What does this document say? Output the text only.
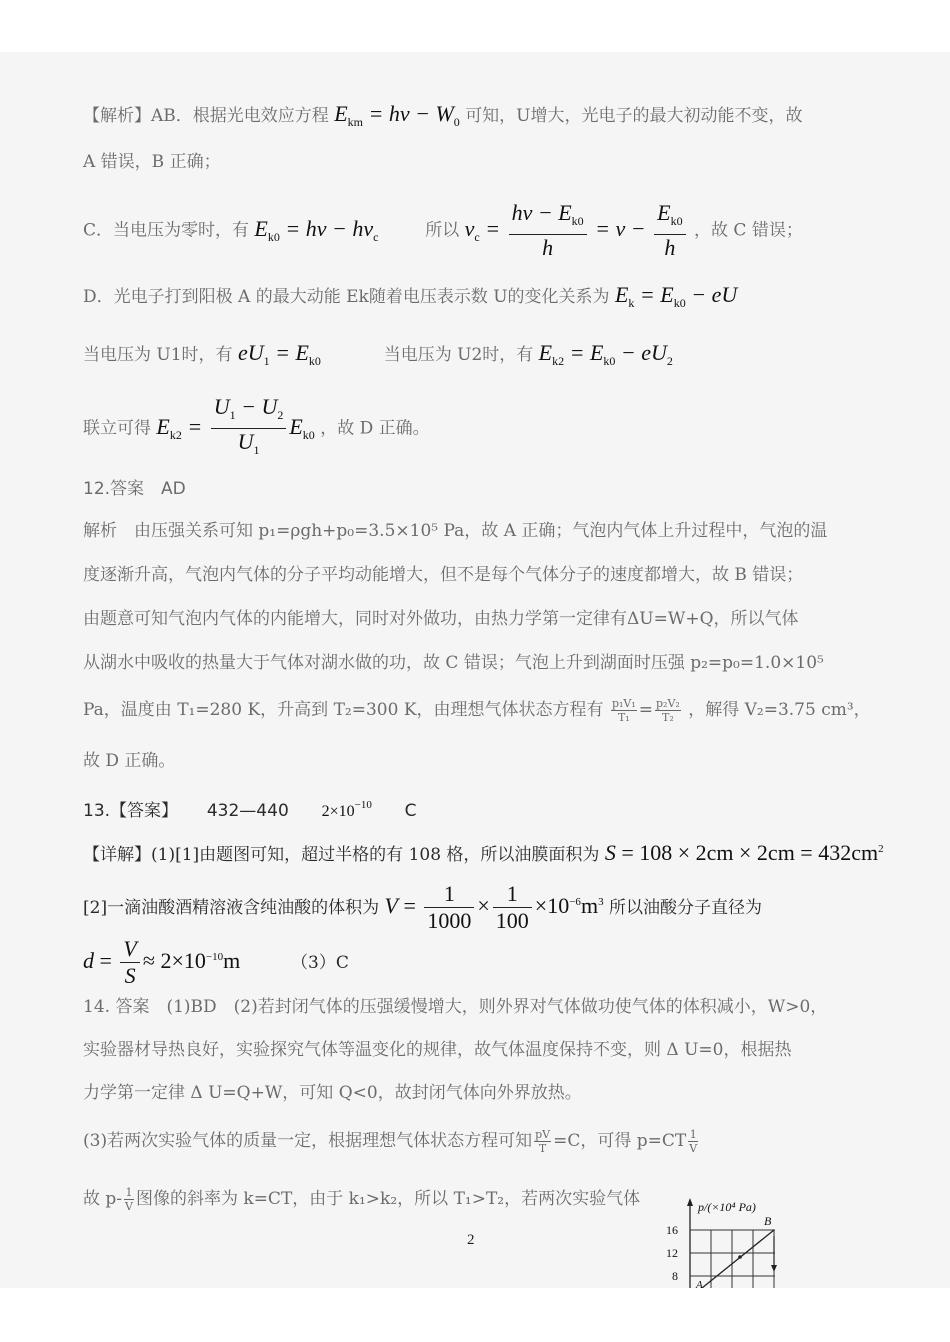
【解析】AB．根据光电效应方程 $E_{km} = h\nu - W_0$ 可知，U增大，光电子的最大初动能不变，故
A 错误，B 正确；
C．当电压为零时，有 $E_{k0} = h\nu - h\nu_c$	所以 $\nu_c = \frac{h\nu - E_{k0}}{h} = \nu - \frac{E_{k0}}{h}$ ，故 C 错误；
D．光电子打到阳极 A 的最大动能 Ek随着电压表示数 U的变化关系为 $E_k = E_{k0}$ − eU
当电压为 U1时，有 $eU_1 = E_{k0}$	当电压为 U2时，有 $E_{k2} = E_{k0} - eU_2$
联立可得 $E_{k2} = \frac{U_1 - U_2}{U_1} E_{k0}$ ，故 D 正确。
12.答案　AD
解析　由压强关系可知 p₁=ρgh+p₀=3.5×10⁵ Pa，故 A 正确；气泡内气体上升过程中，气泡的温
度逐渐升高，气泡内气体的分子平均动能增大，但不是每个气体分子的速度都增大，故 B 错误；
由题意可知气泡内气体的内能增大，同时对外做功，由热力学第一定律有ΔU=W+Q，所以气体
从湖水中吸收的热量大于气体对湖水做的功，故 C 错误；气泡上升到湖面时压强 p₂=p₀=1.0×10⁵
Pa，温度由 T₁=280 K，升高到 T₂=300 K，由理想气体状态方程有 $\frac{\text{p₁V₁}}{\text{T₁}} = \frac{\text{p₂V₂}}{\text{T₂}}$ ，解得 V₂=3.75 cm³，
故 D 正确。
13.【答案】 432—440 $2\times 10^{-10}$ C
【详解】(1)[1]由题图可知，超过半格的有 108 格，所以油膜面积为 $S = 108 \times 2cm \times 2cm = 432cm^2$
[2]一滴油酸酒精溶液含纯油酸的体积为 $V = \frac{1}{1000} \times \frac{1}{100} \times 10^{-6}m^3$ 所以油酸分子直径为
$d = \frac{V}{S} \approx 2\times 10^{-10}m$	（3）C
14. 答案　(1)BD　(2)若封闭气体的压强缓慢增大，则外界对气体做功使气体的体积减小，W>0，
实验器材导热良好，实验探究气体等温变化的规律，故气体温度保持不变，则 Δ U=0，根据热
力学第一定律 Δ U=Q+W，可知 Q<0，故封闭气体向外界放热。
(3)若两次实验气体的质量一定，根据理想气体状态方程可知 $\frac{pV}{T} =C$，可得 $p=CT \frac{1}{V}$
故 $p- \frac{1}{V}$ 图像的斜率为 k=CT，由于 k₁>k₂，所以 T₁>T₂，若两次实验气体	p/(×10⁴ Pa)
16
12
8
B
A
2
